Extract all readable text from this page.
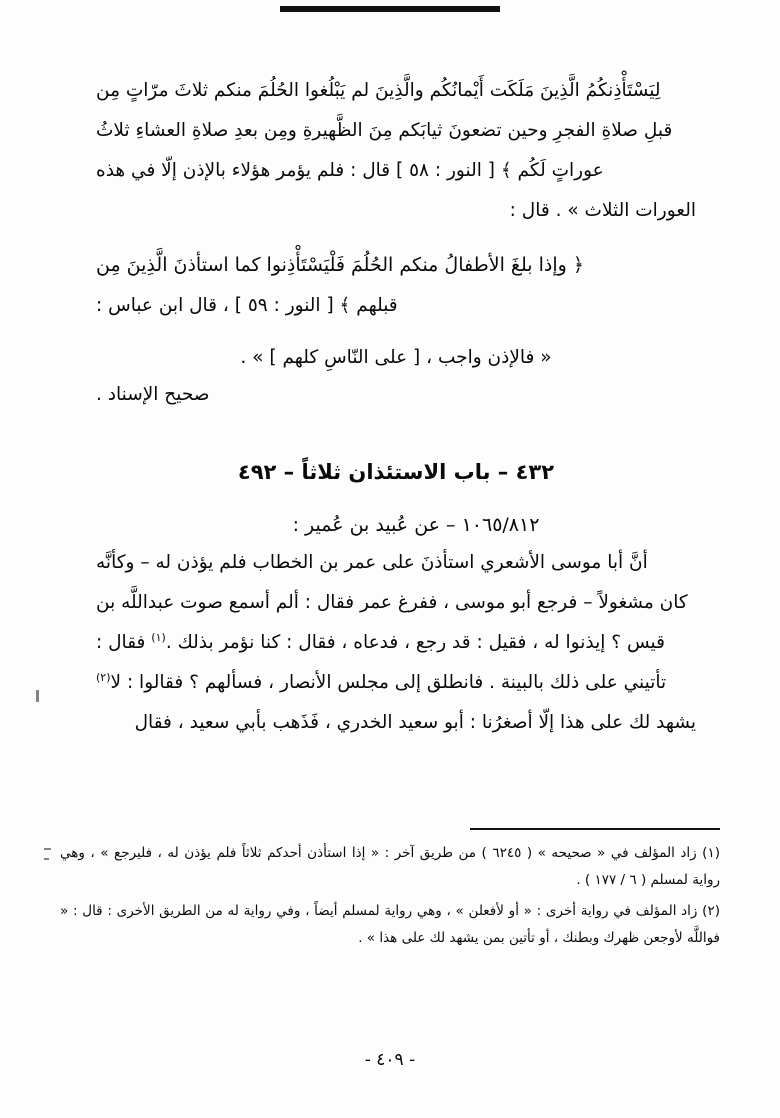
لِيَسْتَأْذِنكُمُ الَّذِينَ مَلَكَت أَيْمانُكُم والَّذِينَ لم يَبْلُغوا الحُلُمَ منكم ثلاثَ مرّاتٍ مِن

قبلِ صلاةِ الفجرِ وحين تضعونَ ثيابَكم مِنَ الظَّهيرةِ ومِن بعدِ صلاةِ العشاءِ ثلاثُ

عوراتٍ لَكُم ﴾ [ النور : ٥٨ ] قال : فلم يؤمر هؤلاء بالإذن إلّا في هذه

العورات الثلاث » . قال :

﴿ وإذا بلغَ الأطفالُ منكم الحُلُمَ فَلْيَسْتَأْذِنوا كما استأذنَ الَّذِينَ مِن

قبلهم ﴾ [ النور : ٥٩ ] ، قال ابن عباس :

« فالإذن واجب ، [ على النّاسِ كلهم ] » .

صحيح الإسناد .

٤٣٢ – باب الاستئذان ثلاثاً – ٤٩٢

١٠٦٥/٨١٢ – عن عُبيد بن عُمير :

أنَّ أبا موسى الأشعري استأذنَ على عمر بن الخطاب فلم يؤذن له – وكأنَّه

كان مشغولاً – فرجع أبو موسى ، ففرغ عمر فقال : ألم أسمع صوت عبداللَّه بن

قيس ؟ إيذنوا له ، فقيل : قد رجع ، فدعاه ، فقال : كنا نؤمر بذلك .$^{(١)}$ فقال :

تأتيني على ذلك بالبينة . فانطلق إلى مجلس الأنصار ، فسألهم ؟ فقالوا : لا$^{(٢)}$

يشهد لك على هذا إلّا أصغرُنا : أبو سعيد الخدري ، فَذَهب بأبي سعيد ، فقال

(١) زاد المؤلف في « صحيحه » ( ٦٢٤٥ ) من طريق آخر : « إذا استأذن أحدكم ثلاثاً فلم يؤذن له ، فليرجع » ، وهي رواية لمسلم ( ٦ / ١٧٧ ) .

(٢) زاد المؤلف في رواية أخرى : « أو لأفعلن » ، وهي رواية لمسلم أيضاً ، وفي رواية له من الطريق الأخرى : قال : « فواللَّه لأوجعن ظهرك وبطنك ، أو تأتين بمن يشهد لك على هذا » .

- ٤٠٩ -
